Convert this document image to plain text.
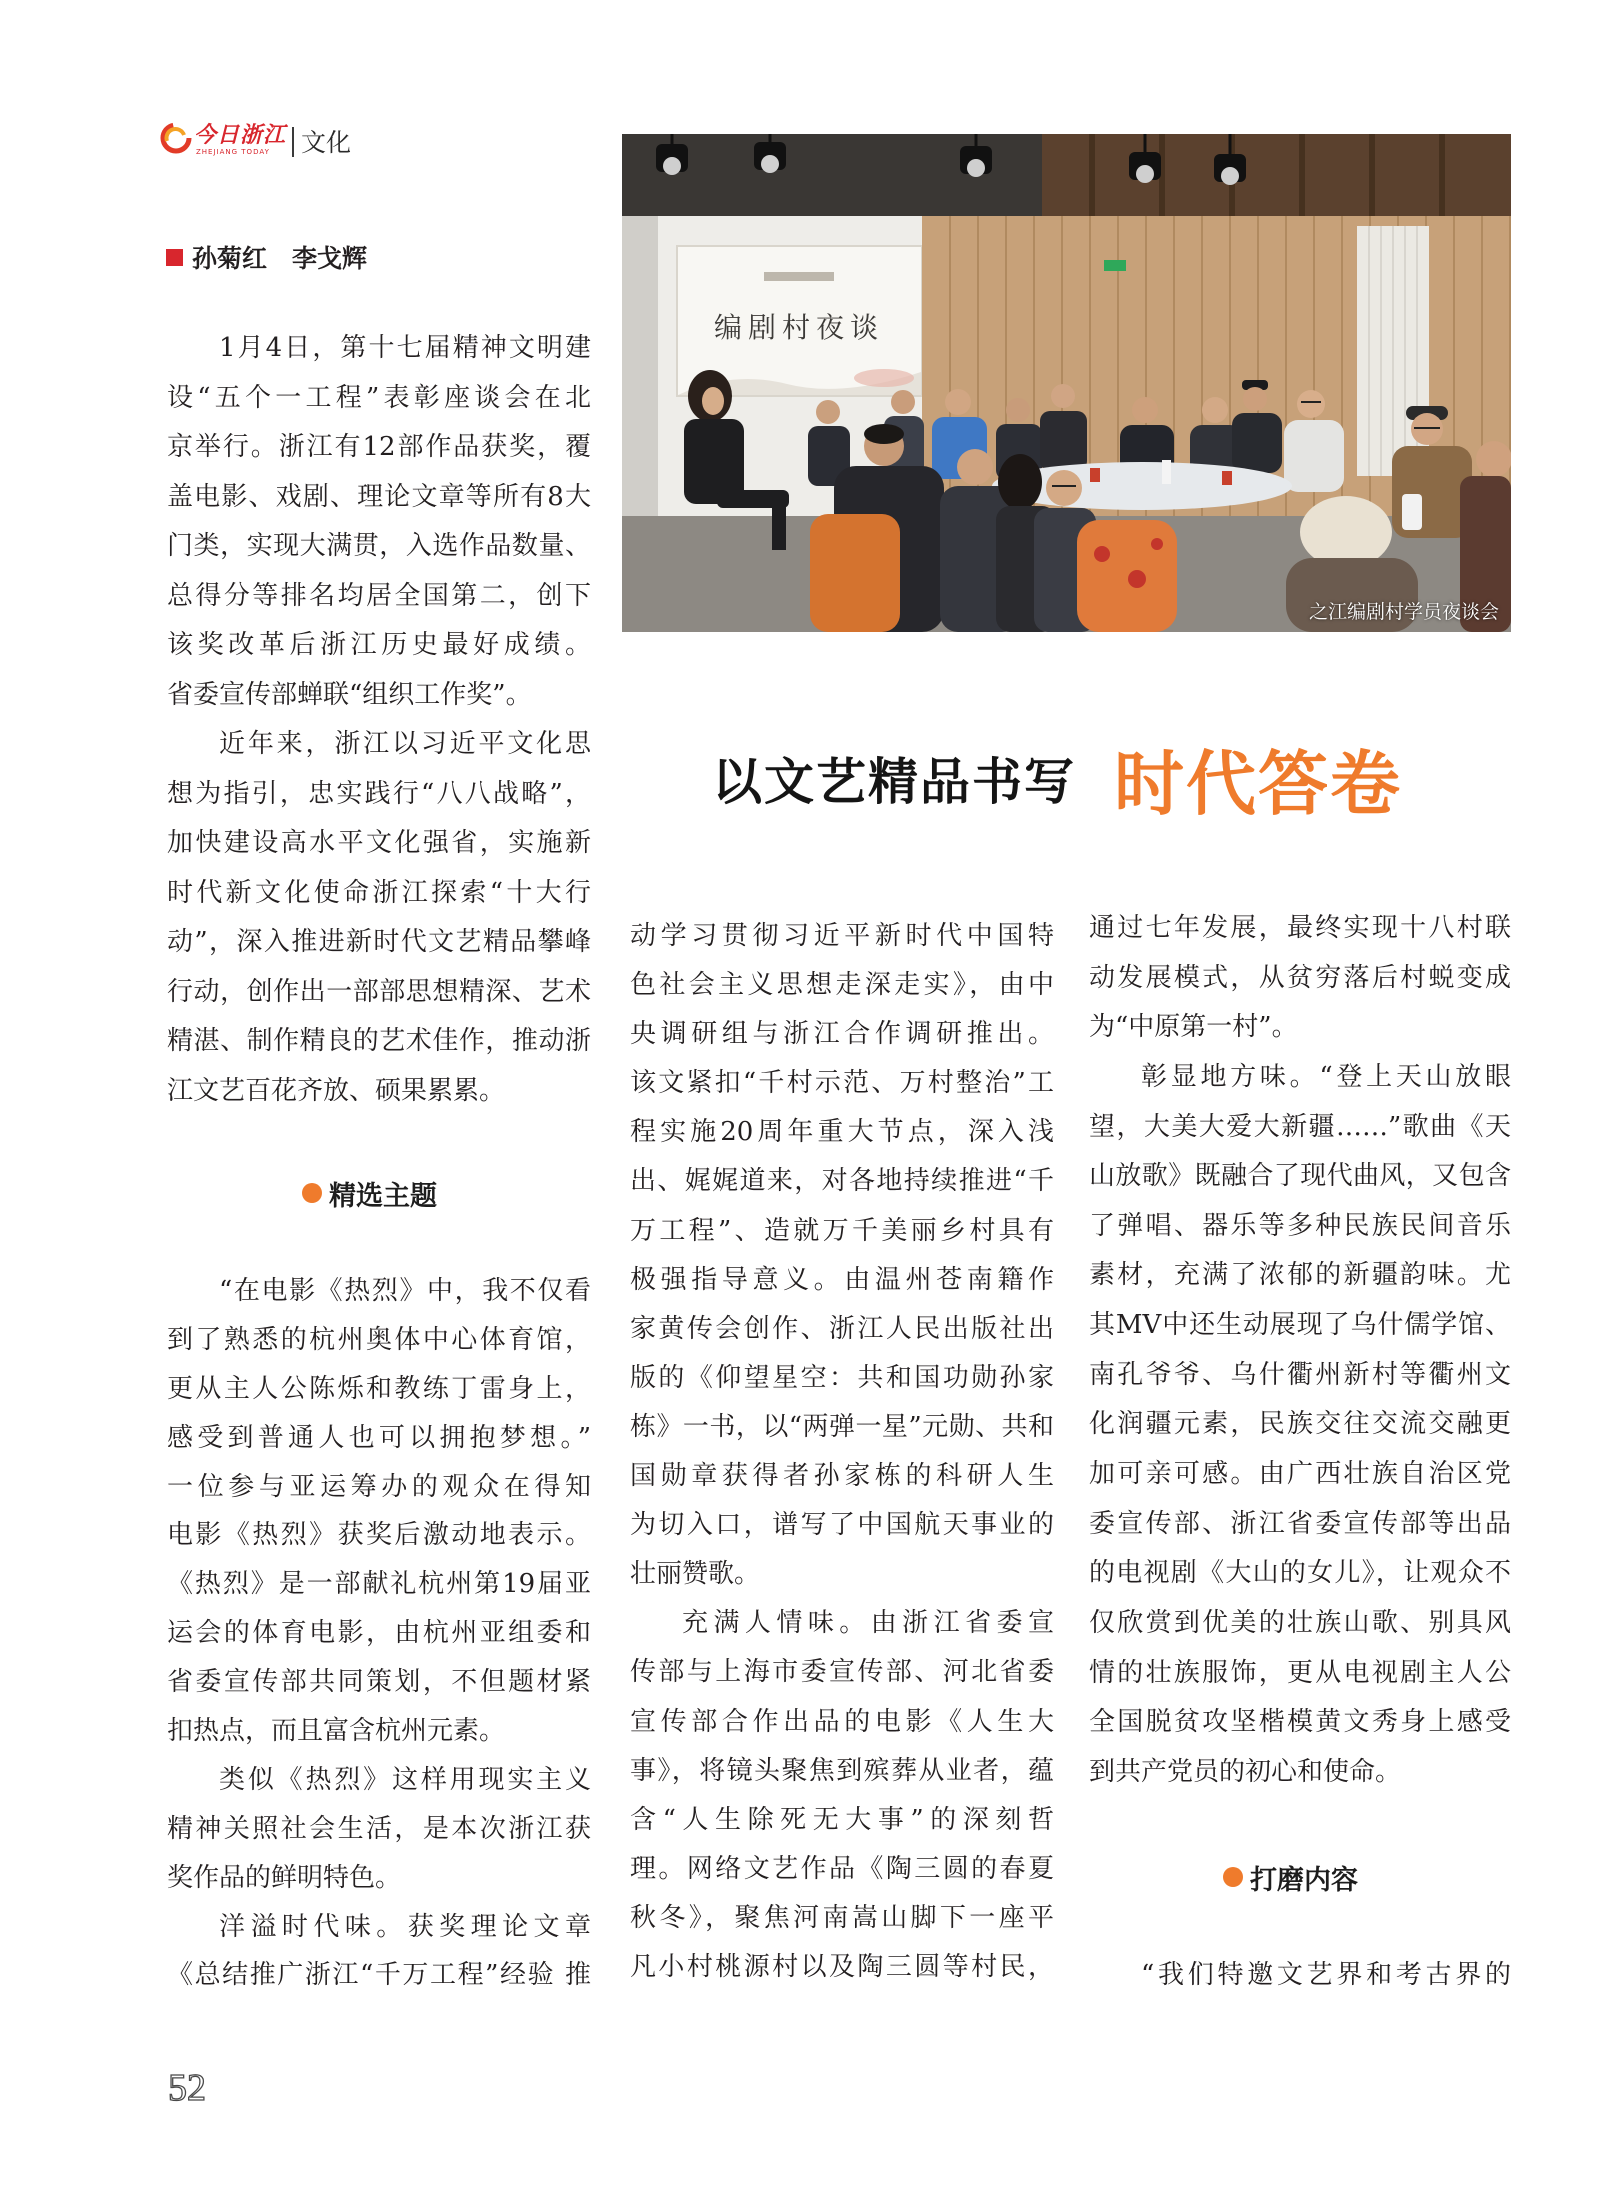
今日浙江
ZHEJIANG TODAY 文化
孙菊红　李戈辉
编剧村夜谈
之江编剧村学员夜谈会
以文艺精品书写 时代答卷
1月4日，第十七届精神文明建
设“五个一工程”表彰座谈会在北
京举行。浙江有12部作品获奖，覆
盖电影、戏剧、理论文章等所有8大
门类，实现大满贯，入选作品数量、
总得分等排名均居全国第二，创下
该奖改革后浙江历史最好成绩。
省委宣传部蝉联“组织工作奖”。
近年来，浙江以习近平文化思
想为指引，忠实践行“八八战略”，
加快建设高水平文化强省，实施新
时代新文化使命浙江探索“十大行
动”，深入推进新时代文艺精品攀峰
行动，创作出一部部思想精深、艺术
精湛、制作精良的艺术佳作，推动浙
江文艺百花齐放、硕果累累。
精选主题
“在电影《热烈》中，我不仅看
到了熟悉的杭州奥体中心体育馆，
更从主人公陈烁和教练丁雷身上，
感受到普通人也可以拥抱梦想。”
一位参与亚运筹办的观众在得知
电影《热烈》获奖后激动地表示。
《热烈》是一部献礼杭州第19届亚
运会的体育电影，由杭州亚组委和
省委宣传部共同策划，不但题材紧
扣热点，而且富含杭州元素。
类似《热烈》这样用现实主义
精神关照社会生活，是本次浙江获
奖作品的鲜明特色。
洋溢时代味。获奖理论文章
《总结推广浙江“千万工程”经验 推
动学习贯彻习近平新时代中国特
色社会主义思想走深走实》，由中
央调研组与浙江合作调研推出。
该文紧扣“千村示范、万村整治”工
程实施20周年重大节点，深入浅
出、娓娓道来，对各地持续推进“千
万工程”、造就万千美丽乡村具有
极强指导意义。由温州苍南籍作
家黄传会创作、浙江人民出版社出
版的《仰望星空：共和国功勋孙家
栋》一书，以“两弹一星”元勋、共和
国勋章获得者孙家栋的科研人生
为切入口，谱写了中国航天事业的
壮丽赞歌。
充满人情味。由浙江省委宣
传部与上海市委宣传部、河北省委
宣传部合作出品的电影《人生大
事》，将镜头聚焦到殡葬从业者，蕴
含“人生除死无大事”的深刻哲
理。网络文艺作品《陶三圆的春夏
秋冬》，聚焦河南嵩山脚下一座平
凡小村桃源村以及陶三圆等村民，
通过七年发展，最终实现十八村联
动发展模式，从贫穷落后村蜕变成
为“中原第一村”。
彰显地方味。“登上天山放眼
望，大美大爱大新疆……”歌曲《天
山放歌》既融合了现代曲风，又包含
了弹唱、器乐等多种民族民间音乐
素材，充满了浓郁的新疆韵味。尤
其MV中还生动展现了乌什儒学馆、
南孔爷爷、乌什衢州新村等衢州文
化润疆元素，民族交往交流交融更
加可亲可感。由广西壮族自治区党
委宣传部、浙江省委宣传部等出品
的电视剧《大山的女儿》，让观众不
仅欣赏到优美的壮族山歌、别具风
情的壮族服饰，更从电视剧主人公
全国脱贫攻坚楷模黄文秀身上感受
到共产党员的初心和使命。
打磨内容
“我们特邀文艺界和考古界的
52
